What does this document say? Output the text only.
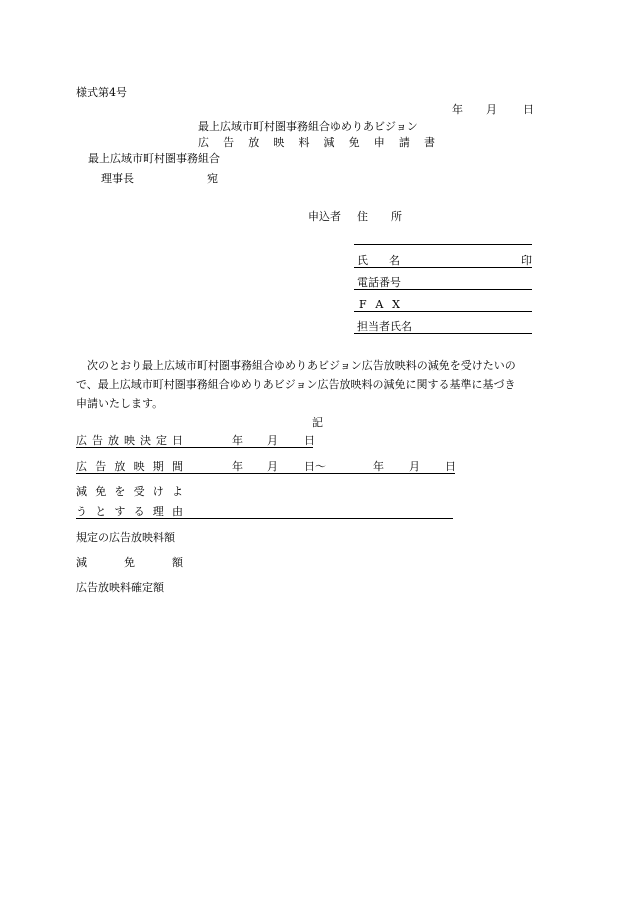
様式第4号
年 月 日
最上広域市町村圏事務組合ゆめりあビジョン
広 告 放 映 料 減 免 申 請 書
最上広域市町村圏事務組合
理事長	宛
申込者 住 所
氏 名	印
電話番号
F A X
担当者氏名
次のとおり最上広域市町村圏事務組合ゆめりあビジョン広告放映料の減免を受けたいの
で、最上広域市町村圏事務組合ゆめりあビジョン広告放映料の減免に関する基準に基づき
申請いたします。
記
広 告 放 映 決 定 日	年 月 日
広 告 放 映 期 間	年 月 日～	年 月 日
減 免 を 受 け よ
う と す る 理 由
規定の広告放映料額
減	免	額
広告放映料確定額
